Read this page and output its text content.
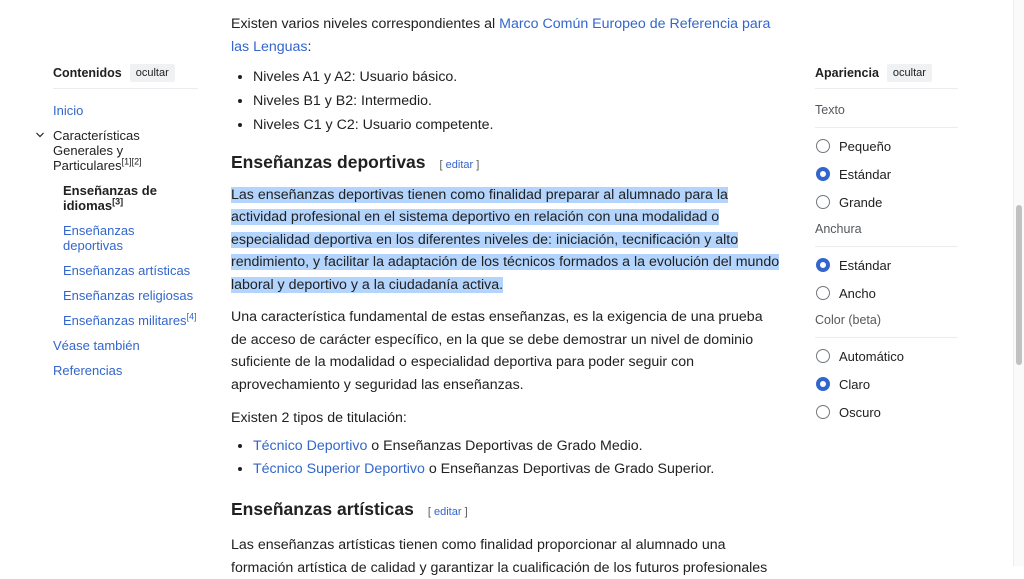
Contenidos	ocultar
Inicio
Características Generales y Particulares[1][2]
Enseñanzas de idiomas[3]
Enseñanzas deportivas
Enseñanzas artísticas
Enseñanzas religiosas
Enseñanzas militares[4]
Véase también
Referencias

Existen varios niveles correspondientes al Marco Común Europeo de Referencia para las Lenguas:

• Niveles A1 y A2: Usuario básico.
• Niveles B1 y B2: Intermedio.
• Niveles C1 y C2: Usuario competente.
Enseñanzas deportivas [ editar ]

Las enseñanzas deportivas tienen como finalidad preparar al alumnado para la actividad profesional en el sistema deportivo en relación con una modalidad o especialidad deportiva en los diferentes niveles de: iniciación, tecnificación y alto rendimiento, y facilitar la adaptación de los técnicos formados a la evolución del mundo laboral y deportivo y a la ciudadanía activa.

Una característica fundamental de estas enseñanzas, es la exigencia de una prueba de acceso de carácter específico, en la que se debe demostrar un nivel de dominio suficiente de la modalidad o especialidad deportiva para poder seguir con aprovechamiento y seguridad las enseñanzas.

Existen 2 tipos de titulación:

• Técnico Deportivo o Enseñanzas Deportivas de Grado Medio.
• Técnico Superior Deportivo o Enseñanzas Deportivas de Grado Superior.
Enseñanzas artísticas [ editar ]

Las enseñanzas artísticas tienen como finalidad proporcionar al alumnado una formación artística de calidad y garantizar la cualificación de los futuros profesionales

Apariencia	ocultar
Texto
Pequeño
Estándar
Grande
Anchura
Estándar
Ancho
Color (beta)
Automático
Claro
Oscuro
